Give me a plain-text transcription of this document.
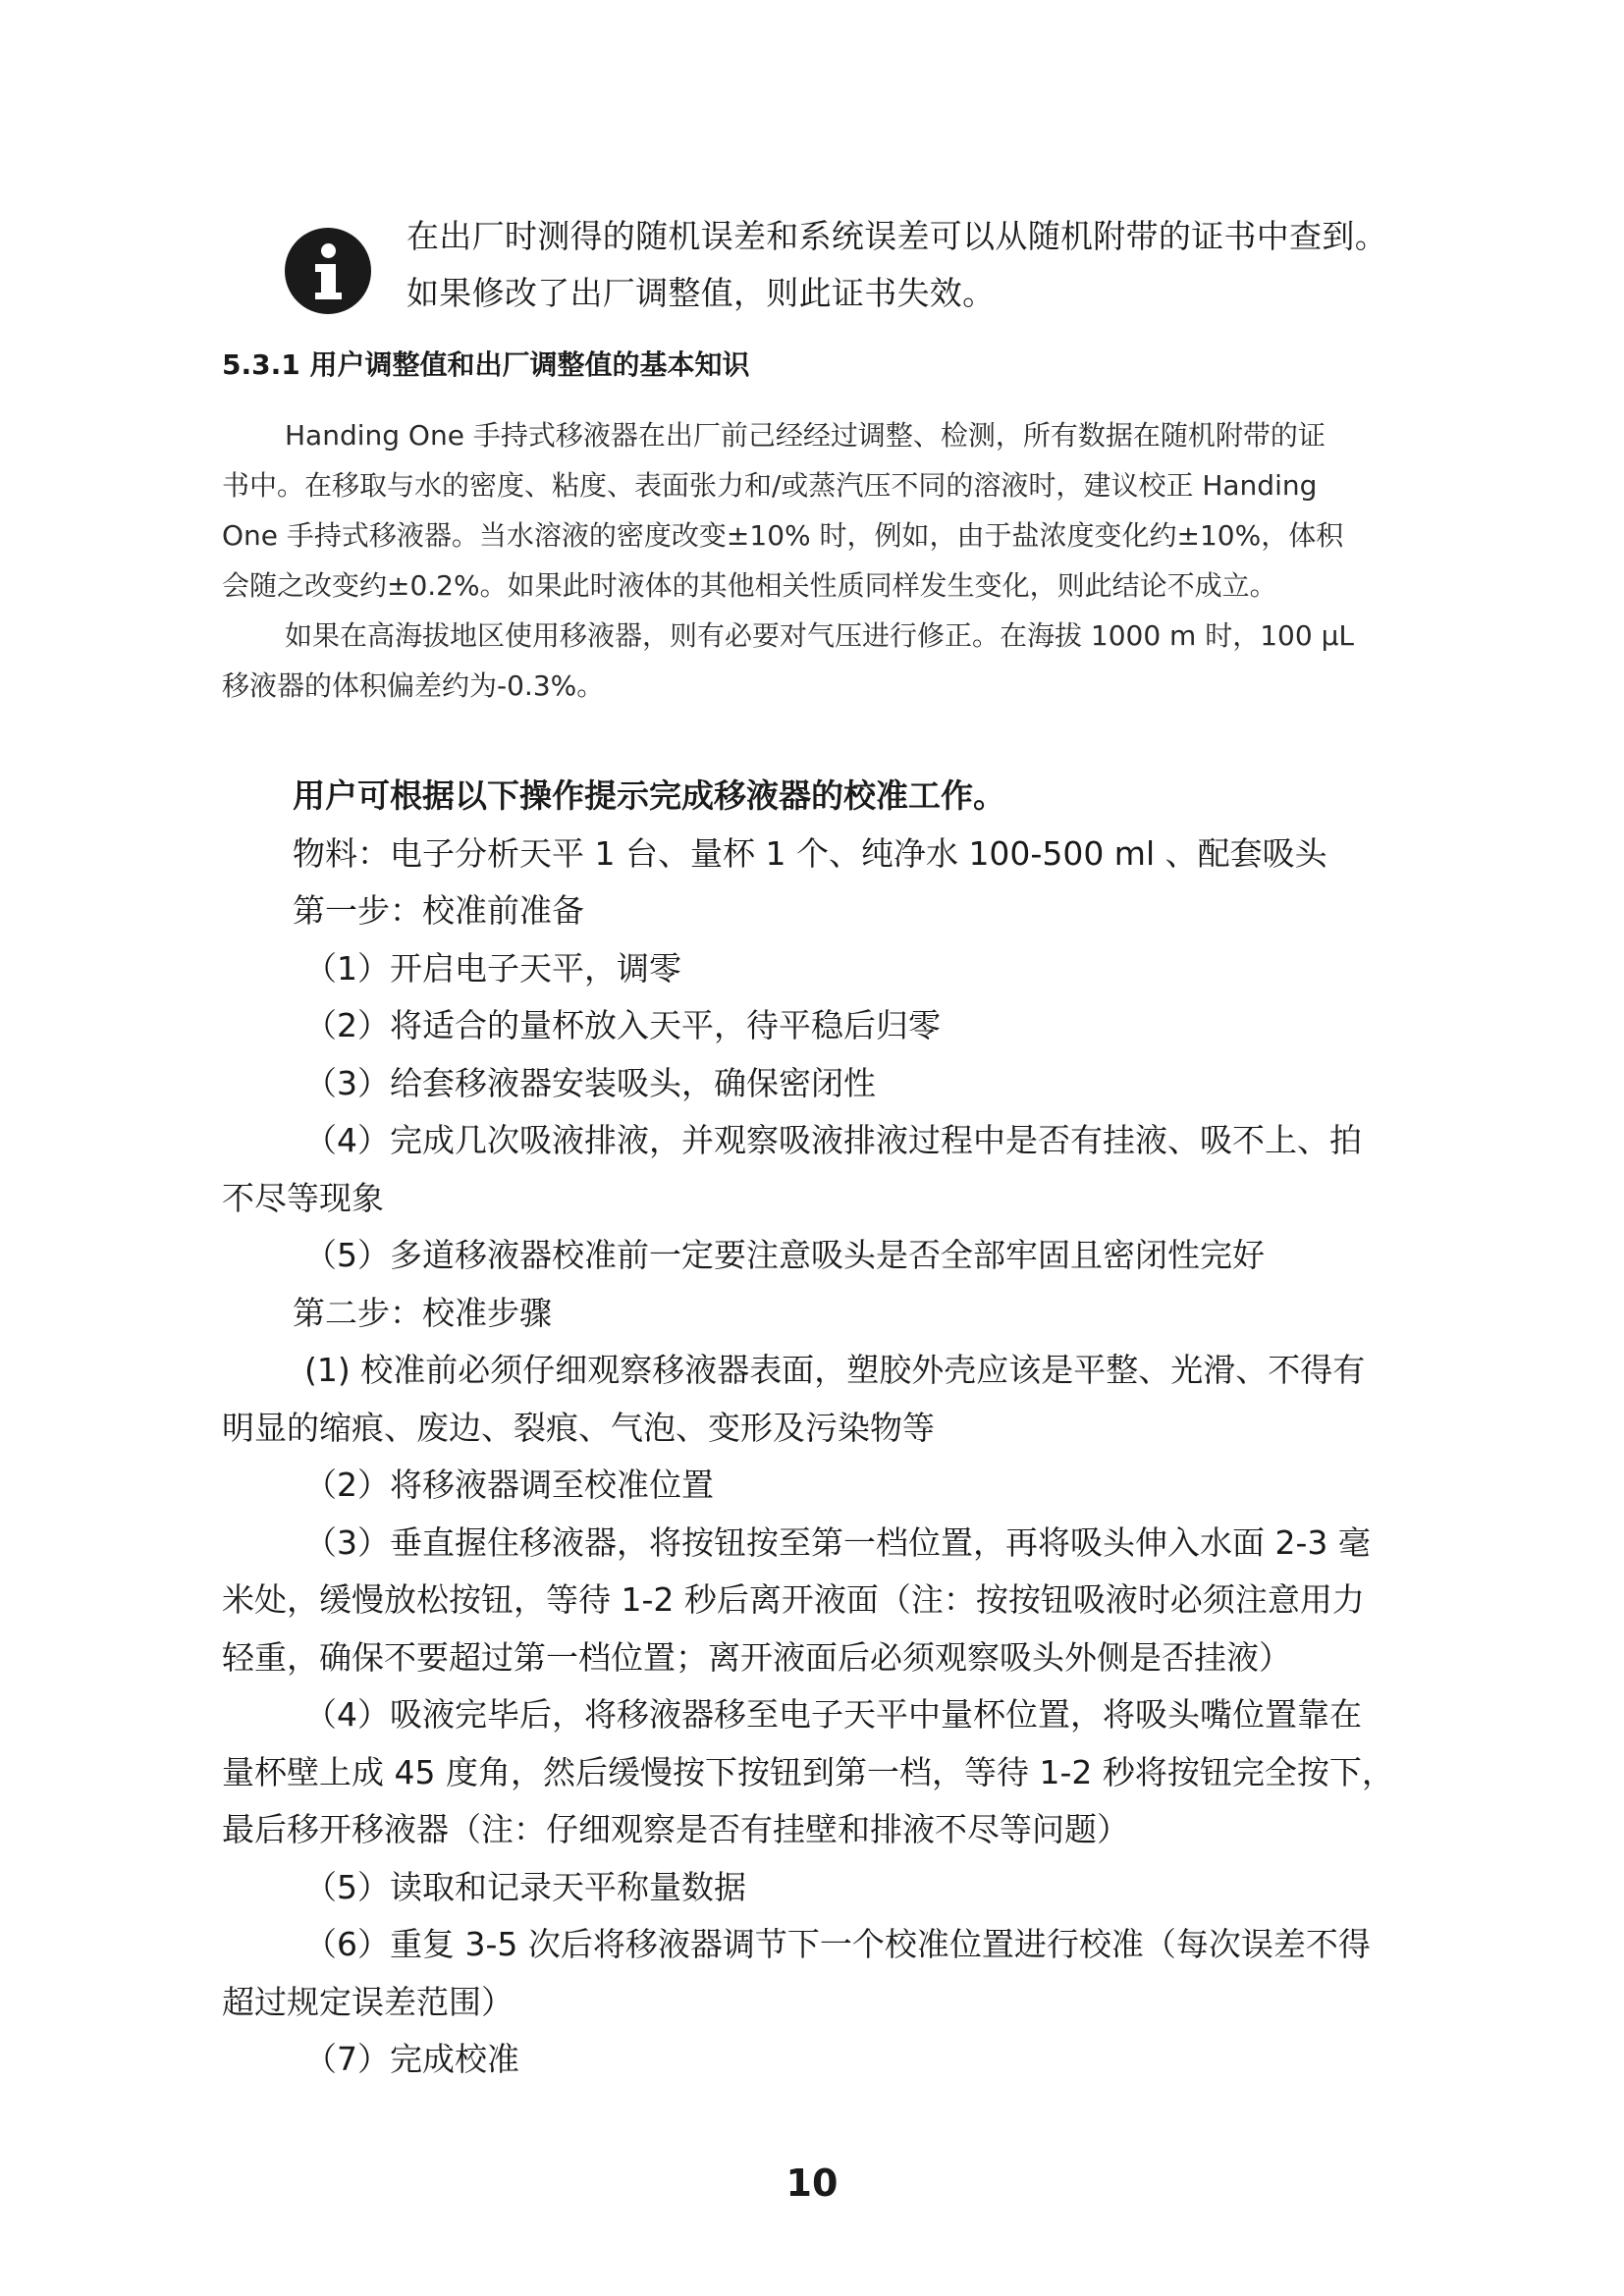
在出厂时测得的随机误差和系统误差可以从随机附带的证书中查到。
如果修改了出厂调整值，则此证书失效。
5.3.1 用户调整值和出厂调整值的基本知识
Handing One 手持式移液器在出厂前己经经过调整、检测，所有数据在随机附带的证
书中。在移取与水的密度、粘度、表面张力和/或蒸汽压不同的溶液时，建议校正 Handing
One 手持式移液器。当水溶液的密度改变±10% 时，例如，由于盐浓度变化约±10%，体积
会随之改变约±0.2%。如果此时液体的其他相关性质同样发生变化，则此结论不成立。
如果在高海拔地区使用移液器，则有必要对气压进行修正。在海拔 1000 m 时，100 µL
移液器的体积偏差约为-0.3%。
用户可根据以下操作提示完成移液器的校准工作。
物料：电子分析天平 1 台、量杯 1 个、纯净水 100-500 ml 、配套吸头
第一步：校准前准备
（1）开启电子天平，调零
（2）将适合的量杯放入天平，待平稳后归零
（3）给套移液器安装吸头，确保密闭性
（4）完成几次吸液排液，并观察吸液排液过程中是否有挂液、吸不上、拍
不尽等现象
（5）多道移液器校准前一定要注意吸头是否全部牢固且密闭性完好
第二步：校准步骤
(1) 校准前必须仔细观察移液器表面，塑胶外壳应该是平整、光滑、不得有
明显的缩痕、废边、裂痕、气泡、变形及污染物等
（2）将移液器调至校准位置
（3）垂直握住移液器，将按钮按至第一档位置，再将吸头伸入水面 2-3 毫
米处，缓慢放松按钮，等待 1-2 秒后离开液面（注：按按钮吸液时必须注意用力
轻重，确保不要超过第一档位置；离开液面后必须观察吸头外侧是否挂液）
（4）吸液完毕后，将移液器移至电子天平中量杯位置，将吸头嘴位置靠在
量杯壁上成 45 度角，然后缓慢按下按钮到第一档，等待 1-2 秒将按钮完全按下，
最后移开移液器（注：仔细观察是否有挂壁和排液不尽等问题）
（5）读取和记录天平称量数据
（6）重复 3-5 次后将移液器调节下一个校准位置进行校准（每次误差不得
超过规定误差范围）
（7）完成校准
10
